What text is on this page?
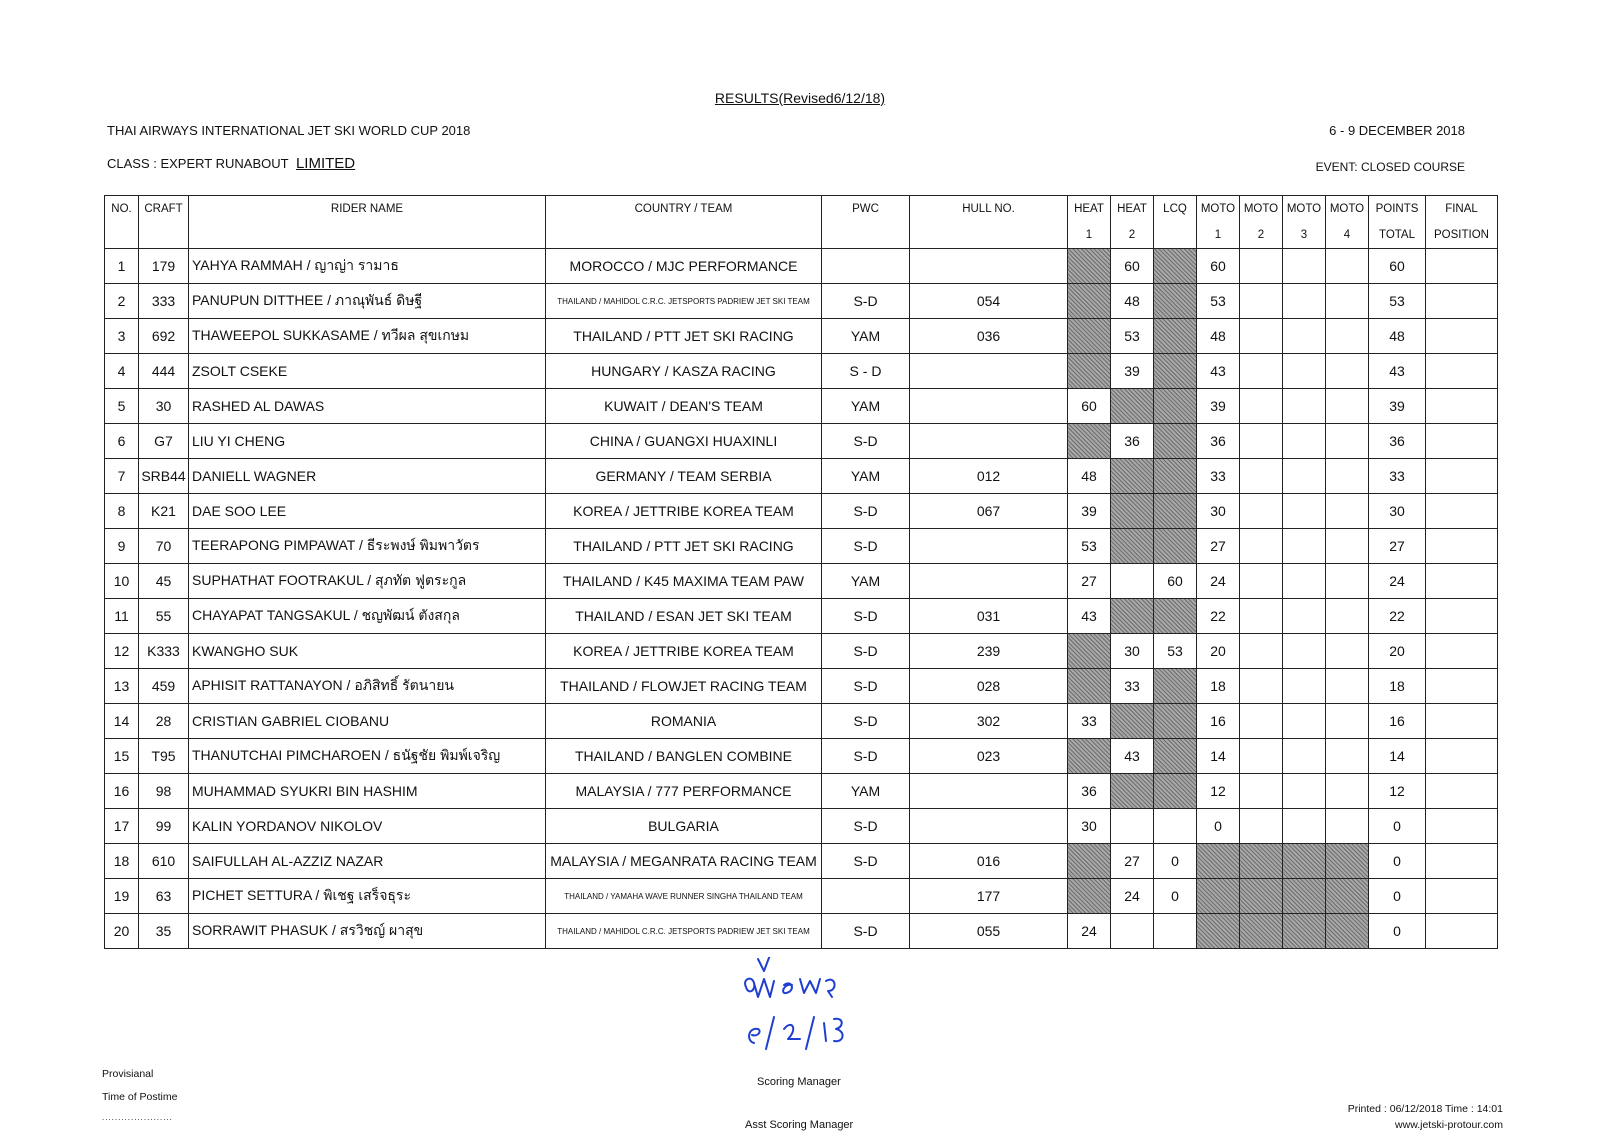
RESULTS(Revised6/12/18)
THAI AIRWAYS INTERNATIONAL JET SKI WORLD CUP 2018	6 - 9 DECEMBER 2018
CLASS : EXPERT RUNABOUT LIMITED	EVENT: CLOSED COURSE
NO.	CRAFT	RIDER NAME	COUNTRY / TEAM	PWC	HULL NO.	HEAT	HEAT	LCQ	MOTO	MOTO	MOTO	MOTO	POINTS	FINAL
						1	2		1	2	3	4	TOTAL	POSITION
1	179	YAHYA RAMMAH / ญาญ่า รามาธ	MOROCCO / MJC PERFORMANCE				60		60				60	
2	333	PANUPUN DITTHEE / ภาณุพันธ์ ดิษฐี	THAILAND / MAHIDOL C.R.C. JETSPORTS PADRIEW JET SKI TEAM	S-D	054		48		53				53	
3	692	THAWEEPOL SUKKASAME / ทวีผล สุขเกษม	THAILAND / PTT JET SKI RACING	YAM	036		53		48				48	
4	444	ZSOLT CSEKE	HUNGARY / KASZA RACING	S - D			39		43				43	
5	30	RASHED AL DAWAS	KUWAIT / DEAN'S TEAM	YAM		60			39				39	
6	G7	LIU YI CHENG	CHINA / GUANGXI HUAXINLI	S-D			36		36				36	
7	SRB44	DANIELL WAGNER	GERMANY / TEAM SERBIA	YAM	012	48			33				33	
8	K21	DAE SOO LEE	KOREA / JETTRIBE KOREA TEAM	S-D	067	39			30				30	
9	70	TEERAPONG PIMPAWAT / ธีระพงษ์ พิมพาวัตร	THAILAND / PTT JET SKI RACING	S-D		53			27				27	
10	45	SUPHATHAT FOOTRAKUL / สุภทัต ฟูตระกูล	THAILAND / K45 MAXIMA TEAM PAW	YAM		27		60	24				24	
11	55	CHAYAPAT TANGSAKUL / ชญพัฒน์ ตังสกุล	THAILAND / ESAN JET SKI TEAM	S-D	031	43			22				22	
12	K333	KWANGHO SUK	KOREA / JETTRIBE KOREA TEAM	S-D	239		30	53	20				20	
13	459	APHISIT RATTANAYON / อภิสิทธิ์ รัตนายน	THAILAND / FLOWJET RACING TEAM	S-D	028		33		18				18	
14	28	CRISTIAN GABRIEL CIOBANU	ROMANIA	S-D	302	33			16				16	
15	T95	THANUTCHAI PIMCHAROEN / ธนัฐชัย พิมพ์เจริญ	THAILAND / BANGLEN COMBINE	S-D	023		43		14				14	
16	98	MUHAMMAD SYUKRI BIN HASHIM	MALAYSIA / 777 PERFORMANCE	YAM		36			12				12	
17	99	KALIN YORDANOV NIKOLOV	BULGARIA	S-D		30			0				0	
18	610	SAIFULLAH AL-AZZIZ NAZAR	MALAYSIA / MEGANRATA RACING TEAM	S-D	016		27	0					0	
19	63	PICHET SETTURA / พิเชฐ เสร็จธุระ	THAILAND / YAMAHA WAVE RUNNER SINGHA THAILAND TEAM		177		24	0					0	
20	35	SORRAWIT PHASUK / สรวิชญ์ ผาสุข	THAILAND / MAHIDOL C.R.C. JETSPORTS PADRIEW JET SKI TEAM	S-D	055	24							0	
Provisianal
Time of Postime
......................
Scoring Manager
Asst Scoring Manager
Printed : 06/12/2018 Time : 14:01
www.jetski-protour.com
